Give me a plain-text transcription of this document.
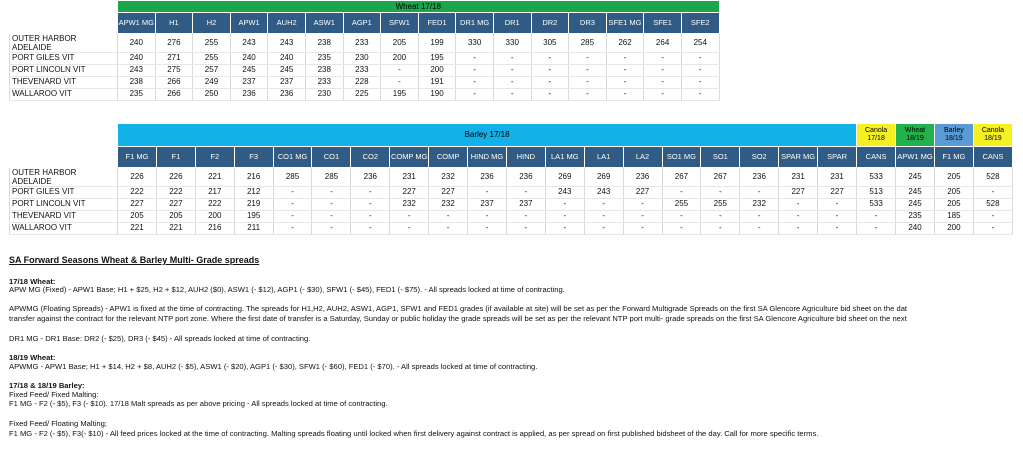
	Wheat 17/18															
	APW1 MG	H1	H2	APW1	AUH2	ASW1	AGP1	SFW1	FED1	DR1 MG	DR1	DR2	DR3	SFE1 MG	SFE1	SFE2
OUTER HARBOR ADELAIDE	240	276	255	243	243	238	233	205	199	330	330	305	285	262	264	254
PORT GILES VIT	240	271	255	240	240	235	230	200	195	-	-	-	-	-	-	-
PORT LINCOLN VIT	243	275	257	245	245	238	233	-	200	-	-	-	-	-	-	-
THEVENARD VIT	238	266	249	237	237	233	228	-	191	-	-	-	-	-	-	-
WALLAROO VIT	235	266	250	236	236	230	225	195	190	-	-	-	-	-	-	-
	Barley 17/18																			Canola 17/18	Wheat 18/19	Barley 18/19	Canola 18/19
	F1 MG	F1	F2	F3	CO1 MG	CO1	CO2	COMP MG	COMP	HIND MG	HIND	LA1 MG	LA1	LA2	SO1 MG	SO1	SO2	SPAR MG	SPAR	CANS	APW1 MG	F1 MG	CANS
OUTER HARBOR ADELAIDE	226	226	221	216	285	285	236	231	232	236	236	269	269	236	267	267	236	231	231	533	245	205	528
PORT GILES VIT	222	222	217	212	-	-	-	227	227	-	-	243	243	227	-	-	-	227	227	513	245	205	-
PORT LINCOLN VIT	227	227	222	219	-	-	-	232	232	237	237	-	-	-	255	255	232	-	-	533	245	205	528
THEVENARD VIT	205	205	200	195	-	-	-	-	-	-	-	-	-	-	-	-	-	-	-	-	235	185	-
WALLAROO VIT	221	221	216	211	-	-	-	-	-	-	-	-	-	-	-	-	-	-	-	-	240	200	-
SA Forward Seasons Wheat & Barley Multi- Grade spreads
17/18 Wheat:
APW MG (Fixed) - APW1 Base; H1 + $25, H2 + $12, AUH2 ($0), ASW1 (- $12), AGP1 (- $30), SFW1 (- $45), FED1 (- $75). - All spreads locked at time of contracting.
APWMG (Floating Spreads) - APW1 is fixed at the time of contracting. The spreads for H1,H2, AUH2, ASW1, AGP1, SFW1 and FED1 grades (if available at site) will be set as per the Forward Multigrade Spreads on the first SA Glencore Agriculture bid sheet on the dat
transfer against the contract for the relevant NTP port zone. Where the first date of transfer is a Saturday, Sunday or public holiday the grade spreads will be set as per the relevant NTP port multi- grade spreads on the first SA Glencore Agriculture bid sheet on the next
DR1 MG - DR1 Base: DR2 (- $25), DR3 (- $45) - All spreads locked at time of contracting.
18/19 Wheat:
APWMG - APW1 Base; H1 + $14, H2 + $8, AUH2 (- $5), ASW1 (- $20), AGP1 (- $30), SFW1 (- $60), FED1 (- $70). - All spreads locked at time of contracting.
17/18 & 18/19 Barley:
Fixed Feed/ Fixed Malting:
F1 MG - F2 (- $5), F3 (- $10). 17/18 Malt spreads as per above pricing - All spreads locked at time of contracting.
Fixed Feed/ Floating Malting;
F1 MG - F2 (- $5), F3(- $10) - All feed prices locked at the time of contracting. Malting spreads floating until locked when first delivery against contract is applied, as per spread on first published bidsheet of the day. Call for more specific terms.
